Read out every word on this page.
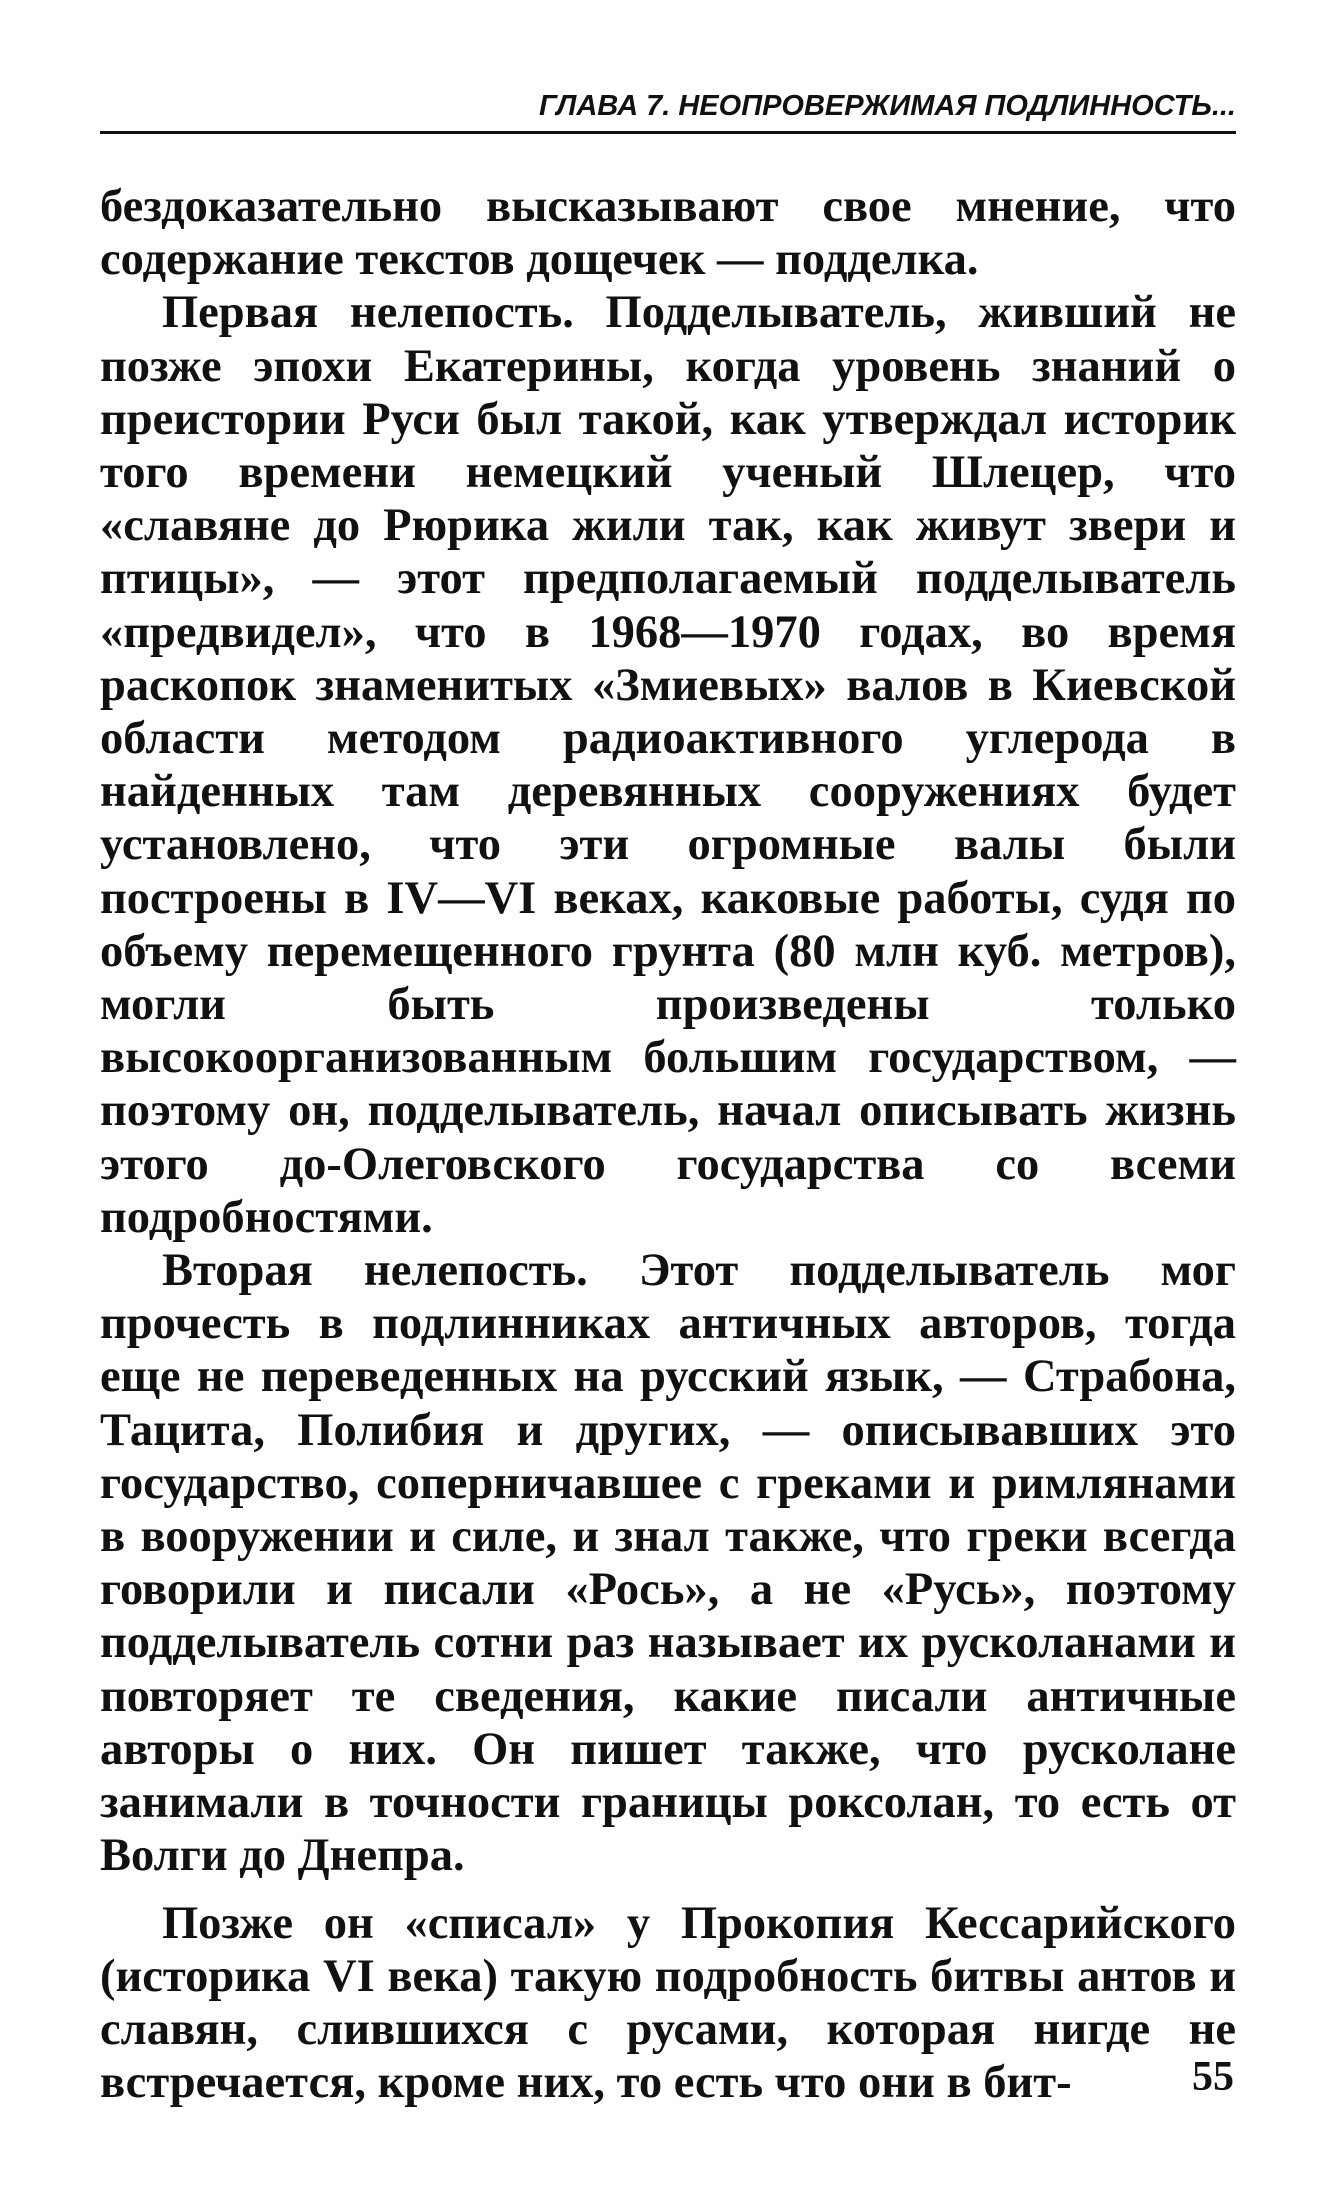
ГЛАВА 7. НЕОПРОВЕРЖИМАЯ ПОДЛИННОСТЬ...

бездоказательно высказывают свое мнение, что содержание текстов дощечек — подделка.

Первая нелепость. Подделыватель, живший не позже эпохи Екатерины, когда уровень знаний о преистории Руси был такой, как утверждал историк того времени немецкий ученый Шлецер, что «славяне до Рюрика жили так, как живут звери и птицы», — этот предполагаемый подделыватель «предвидел», что в 1968—1970 годах, во время раскопок знаменитых «Змиевых» валов в Киевской области методом радиоактивного углерода в найденных там деревянных сооружениях будет установлено, что эти огромные валы были построены в IV—VI веках, каковые работы, судя по объему перемещенного грунта (80 млн куб. метров), могли быть произведены только высокоорганизованным большим государством, — поэтому он, подделыватель, начал описывать жизнь этого до-Олеговского государства со всеми подробностями.

Вторая нелепость. Этот подделыватель мог прочесть в подлинниках античных авторов, тогда еще не переведенных на русский язык, — Страбона, Тацита, Полибия и других, — описывавших это государство, соперничавшее с греками и римлянами в вооружении и силе, и знал также, что греки всегда говорили и писали «Рось», а не «Русь», поэтому подделыватель сотни раз называет их русколанами и повторяет те сведения, какие писали античные авторы о них. Он пишет также, что русколане занимали в точности границы роксолан, то есть от Волги до Днепра.

Позже он «списал» у Прокопия Кессарийского (историка VI века) такую подробность битвы антов и славян, слившихся с русами, которая нигде не встречается, кроме них, то есть что они в бит-	55
